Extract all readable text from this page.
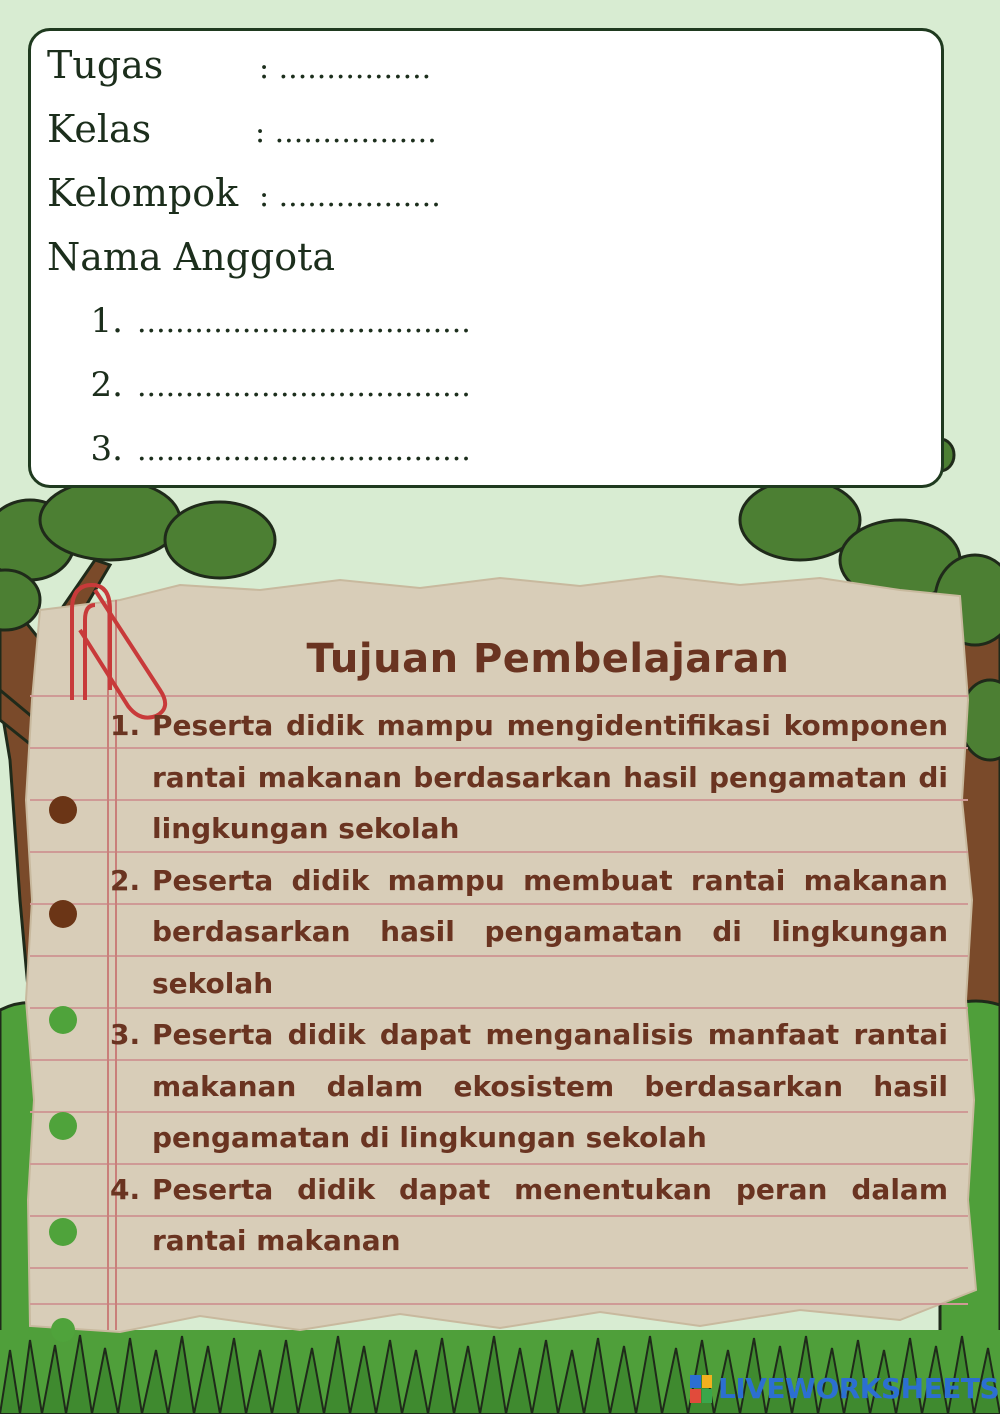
Tugas	: ................
Kelas	: .................
Kelompok : .................
Nama Anggota
1. ...................................
2. ...................................
3. ...................................
Tujuan Pembelajaran
1. Peserta didik mampu mengidentifikasi komponen rantai makanan berdasarkan hasil pengamatan di lingkungan sekolah
2. Peserta didik mampu membuat rantai makanan berdasarkan hasil pengamatan di lingkungan sekolah
3. Peserta didik dapat menganalisis manfaat rantai makanan dalam ekosistem berdasarkan hasil pengamatan di lingkungan sekolah
4. Peserta didik dapat menentukan peran dalam rantai makanan
LIVEWORKSHEETS
